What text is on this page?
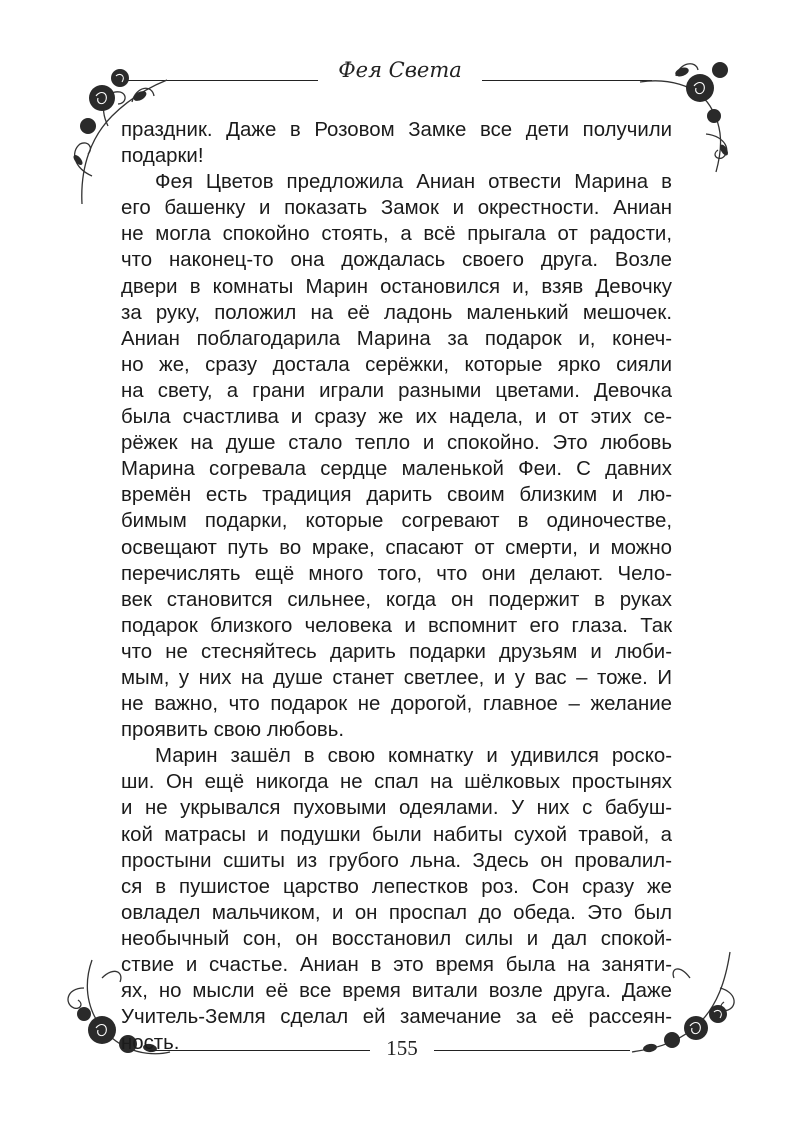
Фея Света
праздник. Даже в Розовом Замке все дети получили
подарки!
Фея Цветов предложила Аниан отвести Марина в
его башенку и показать Замок и окрестности. Аниан
не могла спокойно стоять, а всё прыгала от радости,
что наконец-то она дождалась своего друга. Возле
двери в комнаты Марин остановился и, взяв Девочку
за руку, положил на её ладонь маленький мешочек.
Аниан поблагодарила Марина за подарок и, конеч-
но же, сразу достала серёжки, которые ярко сияли
на свету, а грани играли разными цветами. Девочка
была счастлива и сразу же их надела, и от этих се-
рёжек на душе стало тепло и спокойно. Это любовь
Марина согревала сердце маленькой Феи. С давних
времён есть традиция дарить своим близким и лю-
бимым подарки, которые согревают в одиночестве,
освещают путь во мраке, спасают от смерти, и можно
перечислять ещё много того, что они делают. Чело-
век становится сильнее, когда он подержит в руках
подарок близкого человека и вспомнит его глаза. Так
что не стесняйтесь дарить подарки друзьям и люби-
мым, у них на душе станет светлее, и у вас – тоже. И
не важно, что подарок не дорогой, главное – желание
проявить свою любовь.
Марин зашёл в свою комнатку и удивился роско-
ши. Он ещё никогда не спал на шёлковых простынях
и не укрывался пуховыми одеялами. У них с бабуш-
кой матрасы и подушки были набиты сухой травой, а
простыни сшиты из грубого льна. Здесь он провалил-
ся в пушистое царство лепестков роз. Сон сразу же
овладел мальчиком, и он проспал до обеда. Это был
необычный сон, он восстановил силы и дал спокой-
ствие и счастье. Аниан в это время была на заняти-
ях, но мысли её все время витали возле друга. Даже
Учитель-Земля сделал ей замечание за её рассеян-
ность.	155
